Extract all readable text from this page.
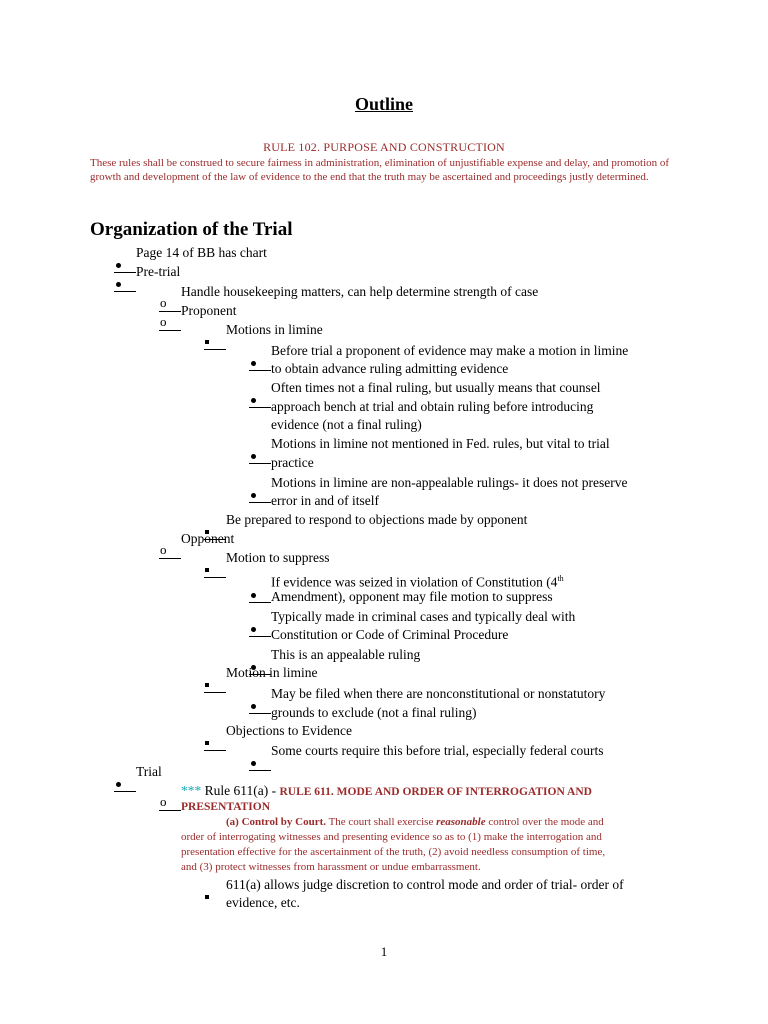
Outline
RULE 102. PURPOSE AND CONSTRUCTION
These rules shall be construed to secure fairness in administration, elimination of unjustifiable expense and delay, and promotion of growth and development of the law of evidence to the end that the truth may be ascertained and proceedings justly determined.
Organization of the Trial
Page 14 of BB has chart
Pre-trial
o
Handle housekeeping matters, can help determine strength of case
o
Proponent
Motions in limine
Before trial a proponent of evidence may make a motion in limine
to obtain advance ruling admitting evidence
Often times not a final ruling, but usually means that counsel
approach bench at trial and obtain ruling before introducing
evidence (not a final ruling)
Motions in limine not mentioned in Fed. rules, but vital to trial
practice
Motions in limine are non-appealable rulings- it does not preserve
error in and of itself
Be prepared to respond to objections made by opponent
o
Opponent
Motion to suppress
If evidence was seized in violation of Constitution (4th
Amendment), opponent may file motion to suppress
Typically made in criminal cases and typically deal with
Constitution or Code of Criminal Procedure
This is an appealable ruling
Motion in limine
May be filed when there are nonconstitutional or nonstatutory
grounds to exclude (not a final ruling)
Objections to Evidence
Some courts require this before trial, especially federal courts
Trial
o
*** Rule 611(a) - RULE 611. MODE AND ORDER OF INTERROGATION AND
PRESENTATION
(a) Control by Court. The court shall exercise reasonable control over the mode and
order of interrogating witnesses and presenting evidence so as to (1) make the interrogation and
presentation effective for the ascertainment of the truth, (2) avoid needless consumption of time,
and (3) protect witnesses from harassment or undue embarrassment.
611(a) allows judge discretion to control mode and order of trial- order of
evidence, etc.
1
